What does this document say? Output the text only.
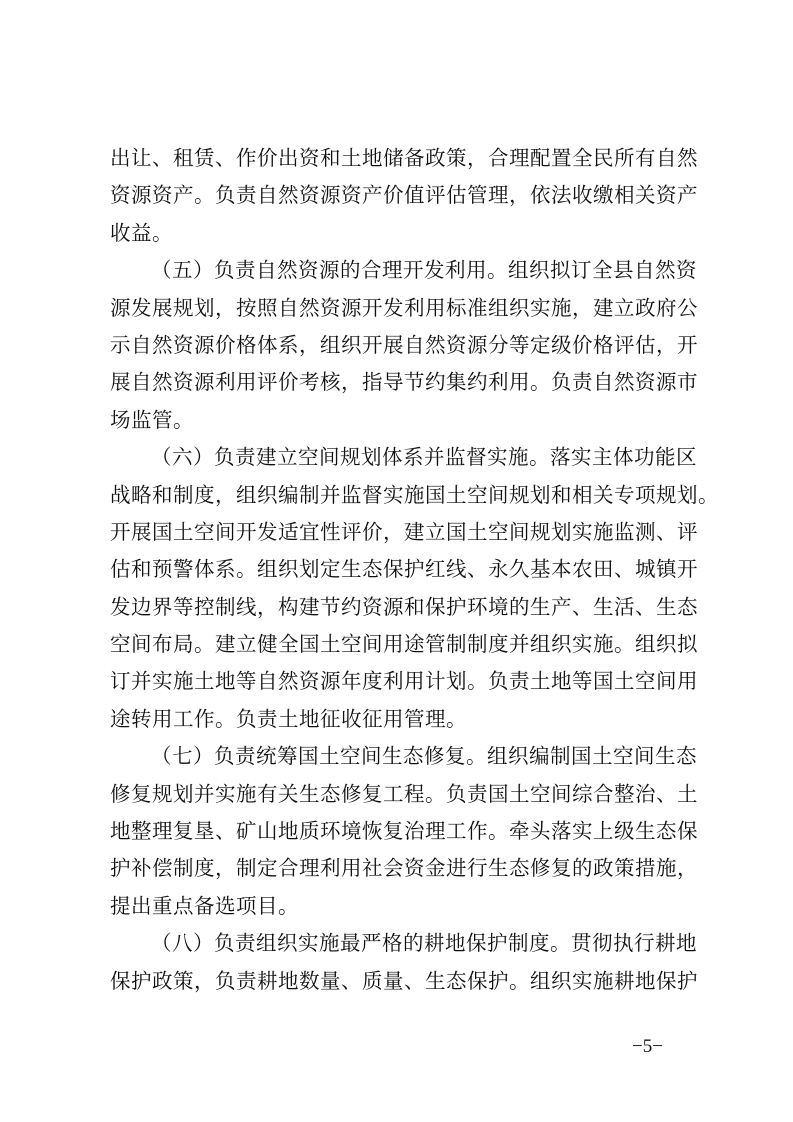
出让、租赁、作价出资和土地储备政策，合理配置全民所有自然
资源资产。负责自然资源资产价值评估管理，依法收缴相关资产
收益。
（五）负责自然资源的合理开发利用。组织拟订全县自然资
源发展规划，按照自然资源开发利用标准组织实施，建立政府公
示自然资源价格体系，组织开展自然资源分等定级价格评估，开
展自然资源利用评价考核，指导节约集约利用。负责自然资源市
场监管。
（六）负责建立空间规划体系并监督实施。落实主体功能区
战略和制度，组织编制并监督实施国土空间规划和相关专项规划。
开展国土空间开发适宜性评价，建立国土空间规划实施监测、评
估和预警体系。组织划定生态保护红线、永久基本农田、城镇开
发边界等控制线，构建节约资源和保护环境的生产、生活、生态
空间布局。建立健全国土空间用途管制制度并组织实施。组织拟
订并实施土地等自然资源年度利用计划。负责土地等国土空间用
途转用工作。负责土地征收征用管理。
（七）负责统筹国土空间生态修复。组织编制国土空间生态
修复规划并实施有关生态修复工程。负责国土空间综合整治、土
地整理复垦、矿山地质环境恢复治理工作。牵头落实上级生态保
护补偿制度，制定合理利用社会资金进行生态修复的政策措施，
提出重点备选项目。
（八）负责组织实施最严格的耕地保护制度。贯彻执行耕地
保护政策，负责耕地数量、质量、生态保护。组织实施耕地保护
−5−
